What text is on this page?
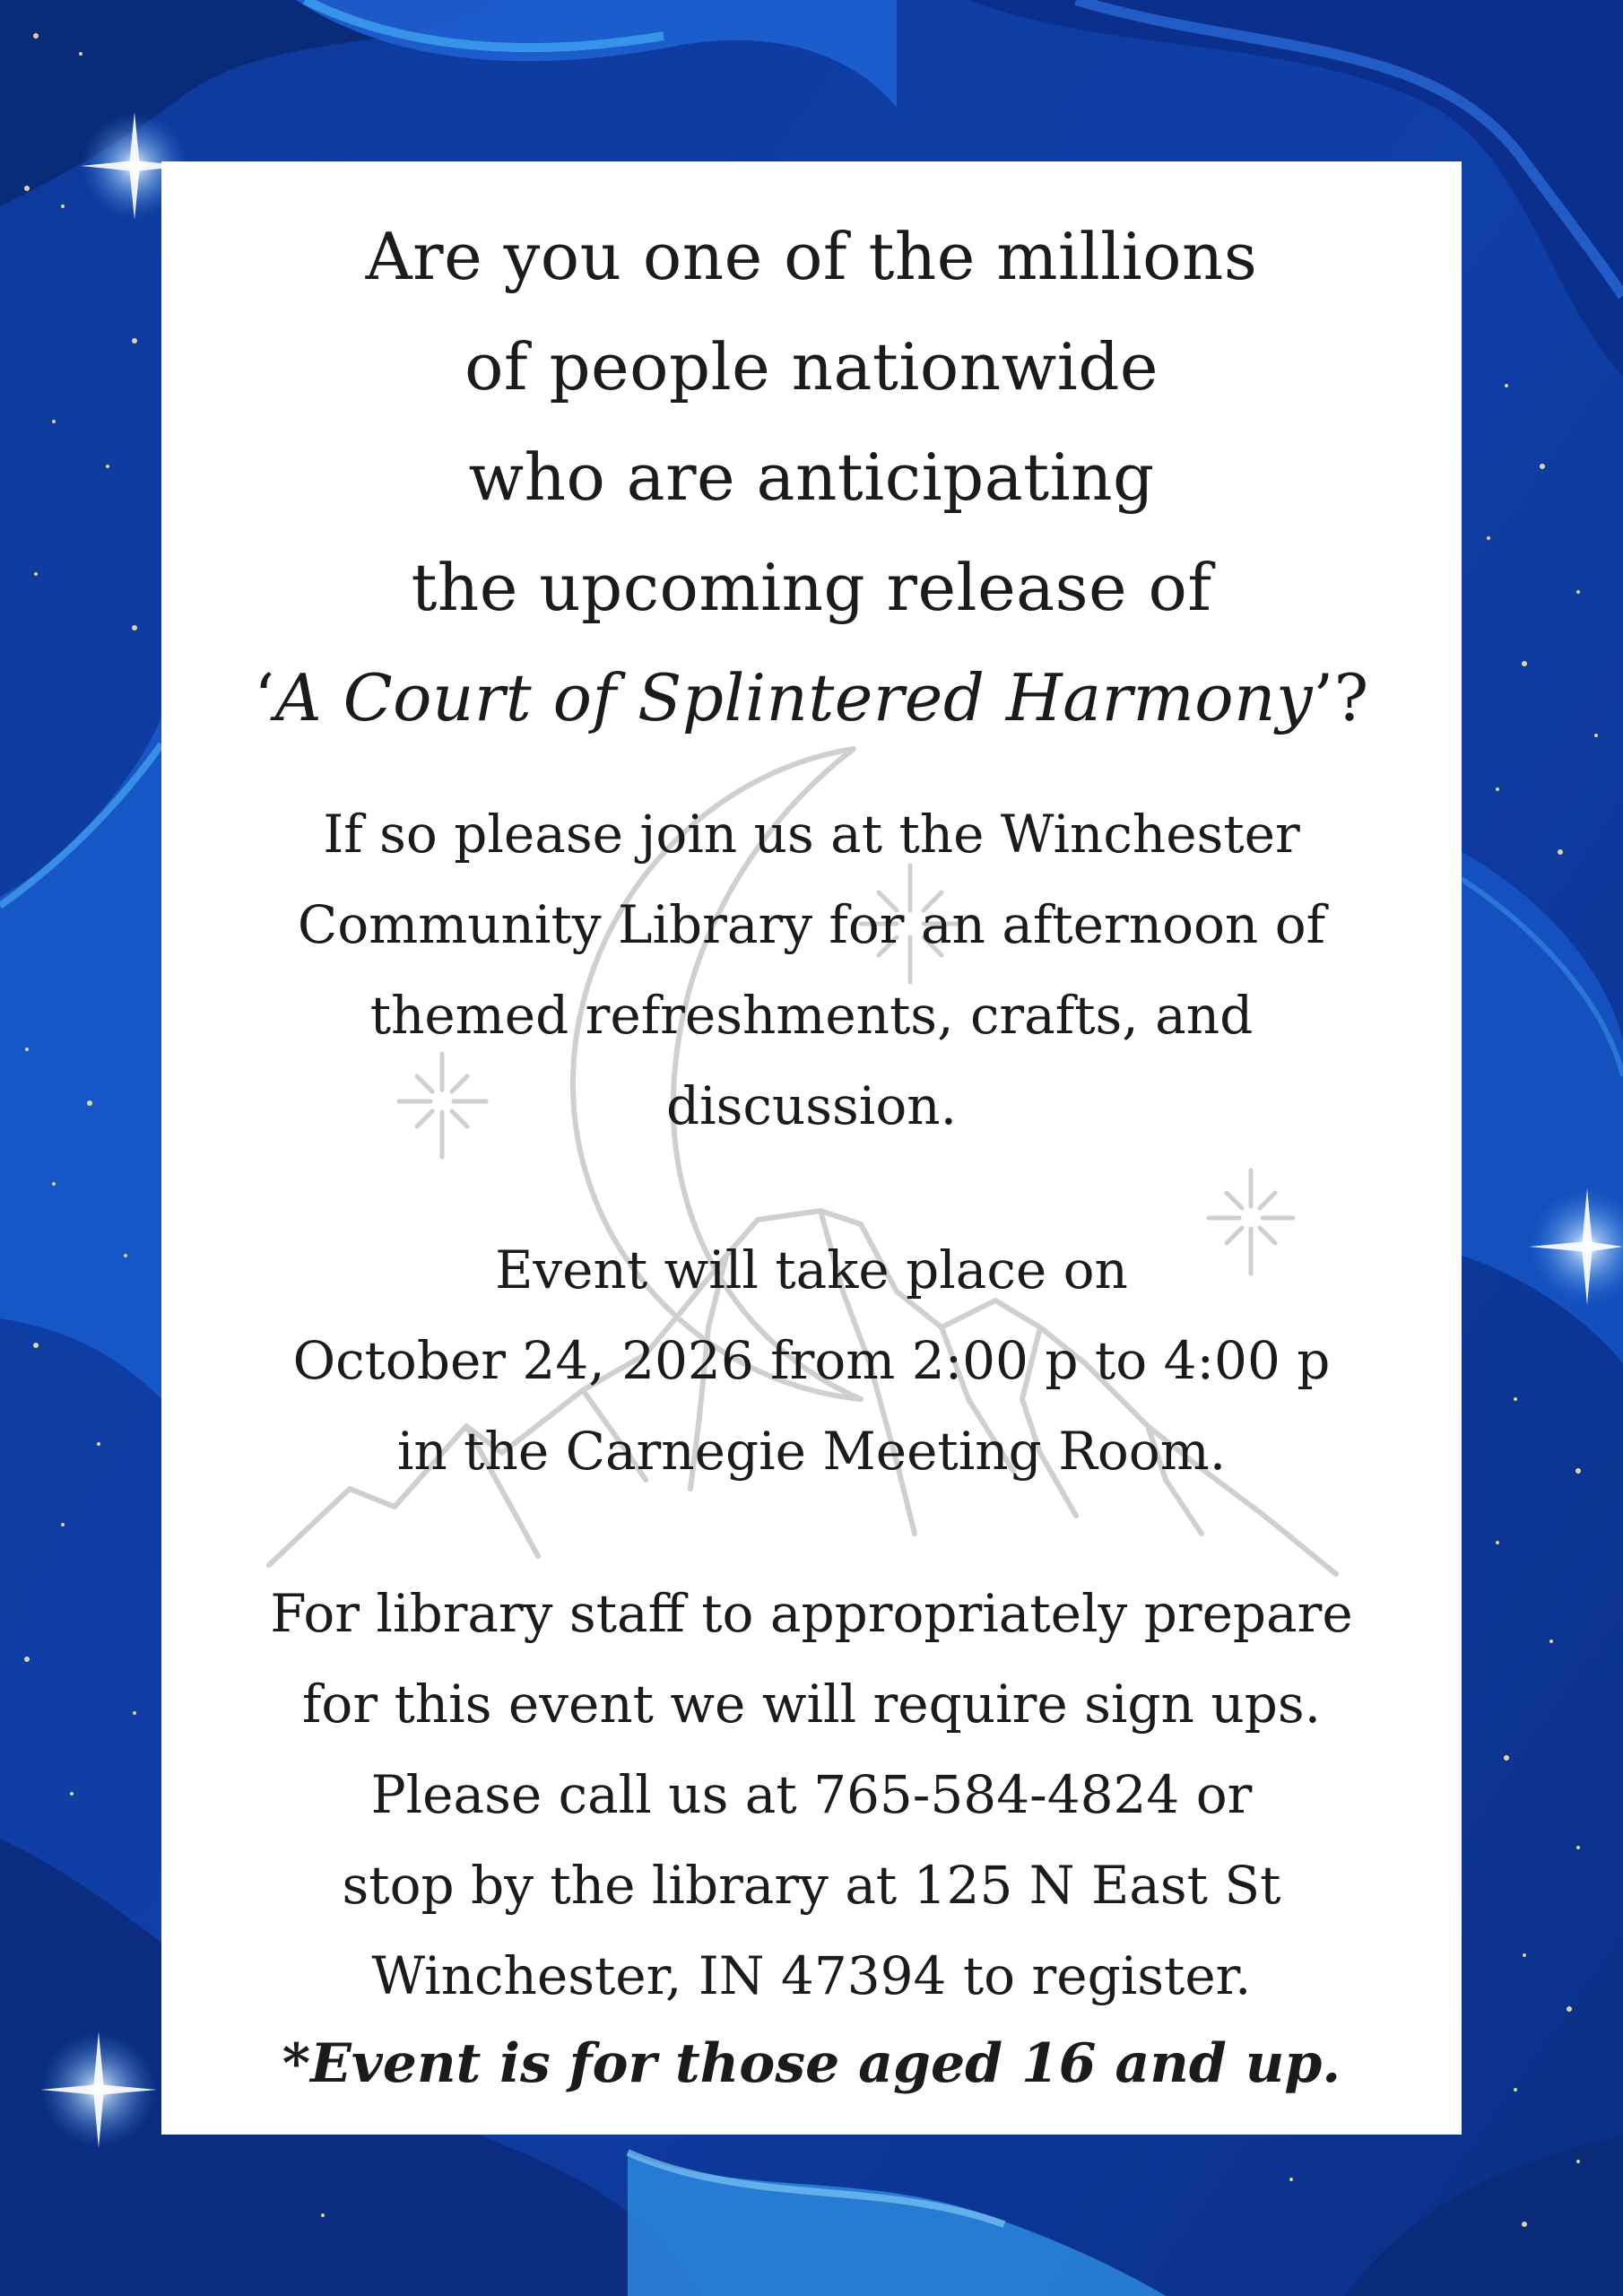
Are you one of the millions
of people nationwide
who are anticipating
the upcoming release of
‘A Court of Splintered Harmony’?

If so please join us at the Winchester
Community Library for an afternoon of
themed refreshments, crafts, and
discussion.

Event will take place on
October 24, 2026 from 2:00 p to 4:00 p
in the Carnegie Meeting Room.

For library staff to appropriately prepare
for this event we will require sign ups.
Please call us at 765-584-4824 or
stop by the library at 125 N East St
Winchester, IN 47394 to register.

*Event is for those aged 16 and up.
